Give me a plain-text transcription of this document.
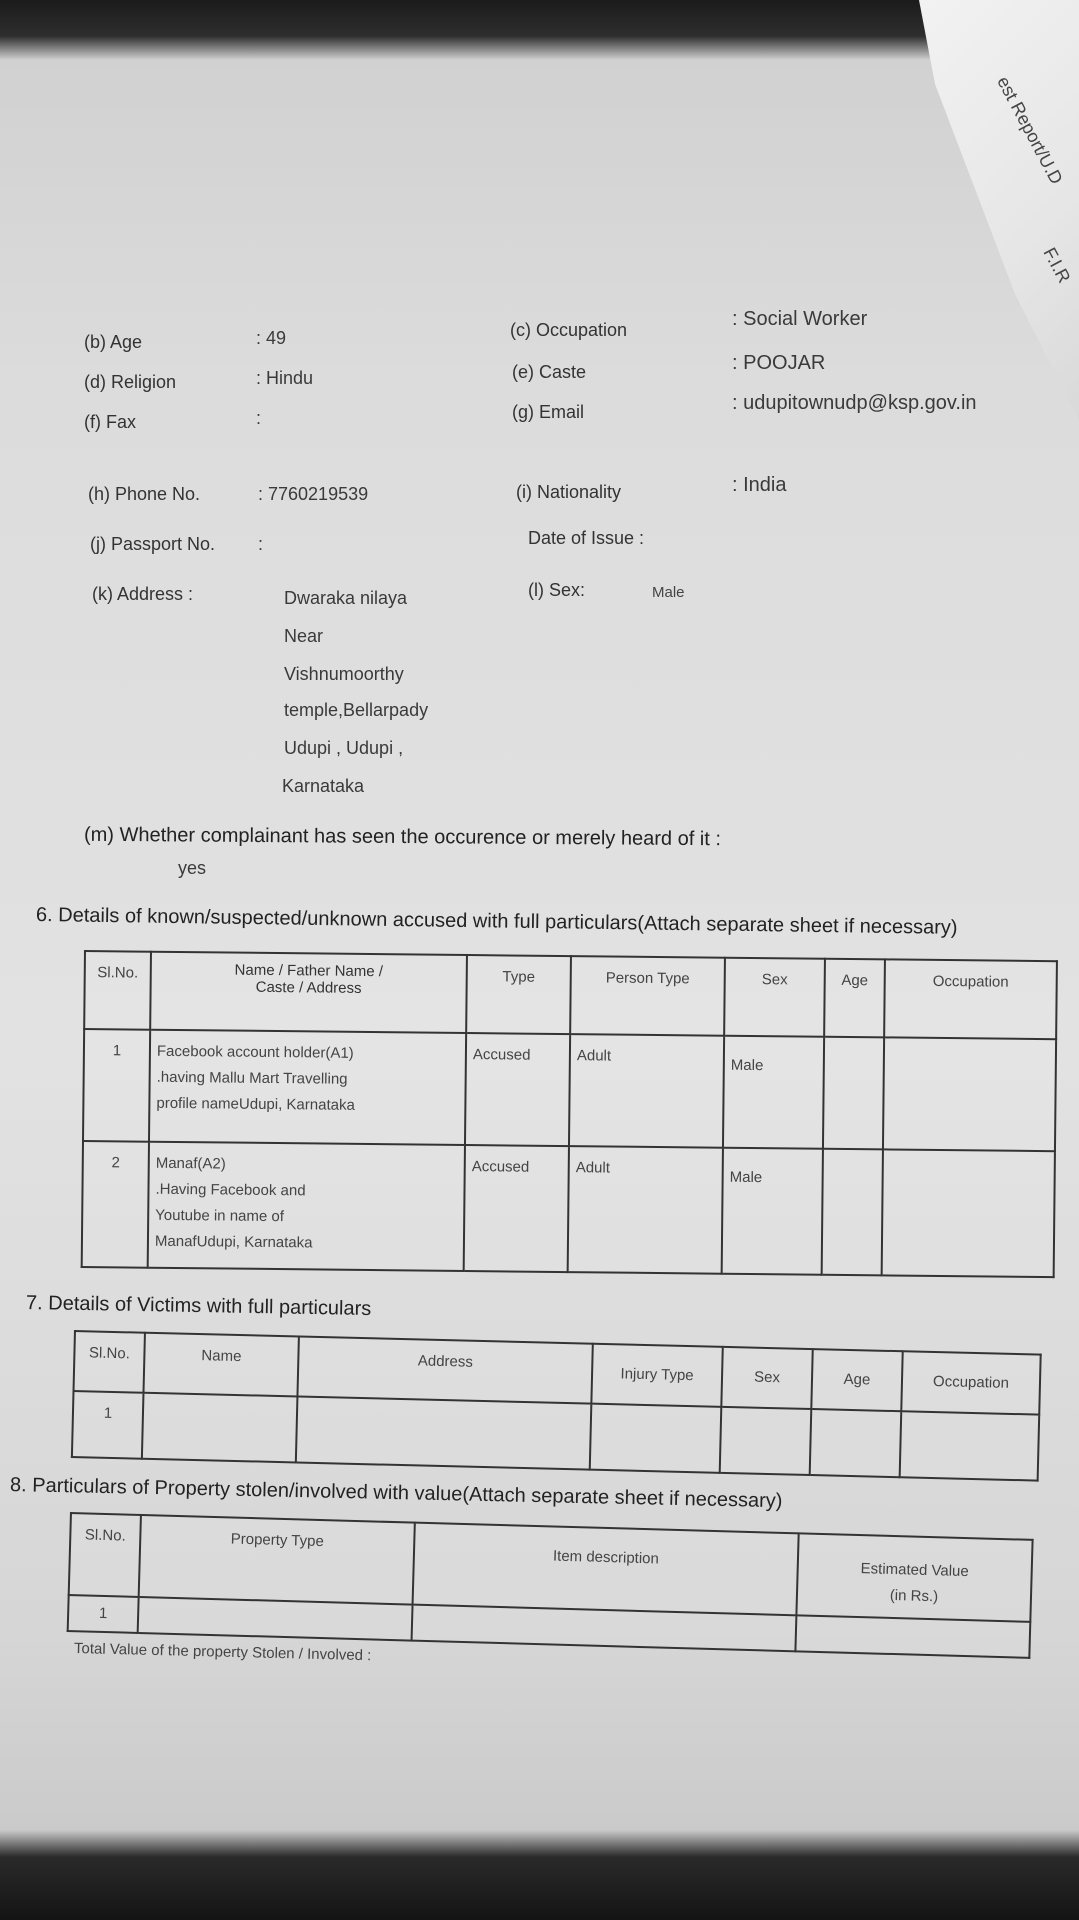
est Report/U.D
F.I.R
(b) Age	: 49
(d) Religion	: Hindu
(f) Fax	:
(h) Phone No.	: 7760219539
(j) Passport No. :
(k) Address :	Dwaraka nilaya
Near
Vishnumoorthy
temple,Bellarpady
Udupi , Udupi ,
Karnataka
(c) Occupation	: Social Worker
(e) Caste	: POOJAR
(g) Email	: udupitownudp@ksp.gov.in
(i) Nationality	: India
Date of Issue :
(l) Sex:	Male
(m) Whether complainant has seen the occurence or merely heard of it :
yes
6. Details of known/suspected/unknown accused with full particulars(Attach separate sheet if necessary)
Sl.No.	Name / Father Name /
Caste / Address	Type	Person Type	Sex	Age	Occupation
1	Facebook account holder(A1)
.having Mallu Mart Travelling
profile nameUdupi, Karnataka	Accused	Adult	Male		
2	Manaf(A2)
.Having Facebook and
Youtube in name of
ManafUdupi, Karnataka	Accused	Adult	Male		
7. Details of Victims with full particulars
Sl.No.	Name	Address	Injury Type	Sex	Age	Occupation
1						
8. Particulars of Property stolen/involved with value(Attach separate sheet if necessary)
Sl.No.	Property Type	Item description	Estimated Value
(in Rs.)

1			
Total Value of the property Stolen / Involved :
